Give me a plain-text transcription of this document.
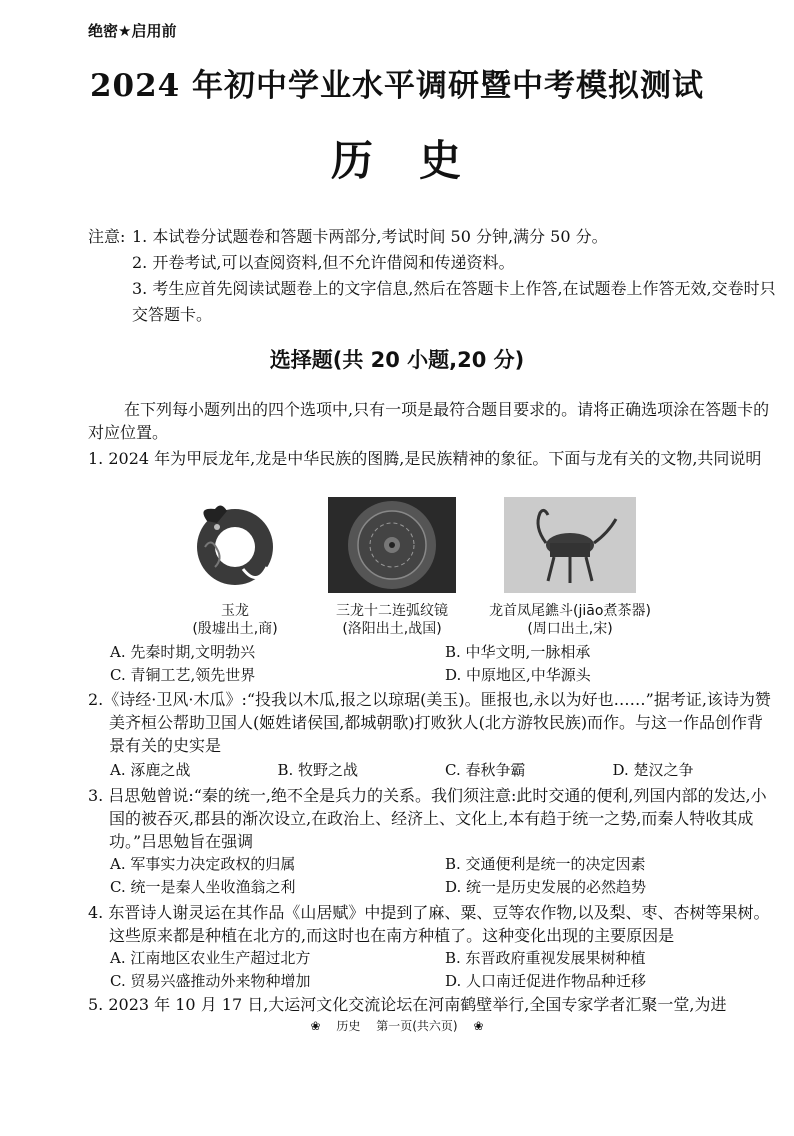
绝密★启用前
2024 年初中学业水平调研暨中考模拟测试
历 史
注意: 1. 本试卷分试题卷和答题卡两部分,考试时间 50 分钟,满分 50 分。
2. 开卷考试,可以查阅资料,但不允许借阅和传递资料。
3. 考生应首先阅读试题卷上的文字信息,然后在答题卡上作答,在试题卷上作答无效,交卷时只交答题卡。
选择题(共 20 小题,20 分)
在下列每小题列出的四个选项中,只有一项是最符合题目要求的。请将正确选项涂在答题卡的对应位置。
1. 2024 年为甲辰龙年,龙是中华民族的图腾,是民族精神的象征。下面与龙有关的文物,共同说明
玉龙
(殷墟出土,商)
三龙十二连弧纹镜
(洛阳出土,战国)
龙首凤尾鐎斗(jiāo煮茶器)
(周口出土,宋)
A. 先秦时期,文明勃兴	B. 中华文明,一脉相承
C. 青铜工艺,领先世界	D. 中原地区,中华源头
2.《诗经·卫风·木瓜》:“投我以木瓜,报之以琼琚(美玉)。匪报也,永以为好也……”据考证,该诗为赞美齐桓公帮助卫国人(姬姓诸侯国,都城朝歌)打败狄人(北方游牧民族)而作。与这一作品创作背景有关的史实是
A. 涿鹿之战	B. 牧野之战	C. 春秋争霸	D. 楚汉之争
3. 吕思勉曾说:“秦的统一,绝不全是兵力的关系。我们须注意:此时交通的便利,列国内部的发达,小国的被吞灭,郡县的渐次设立,在政治上、经济上、文化上,本有趋于统一之势,而秦人特收其成功。”吕思勉旨在强调
A. 军事实力决定政权的归属	B. 交通便利是统一的决定因素
C. 统一是秦人坐收渔翁之利	D. 统一是历史发展的必然趋势
4. 东晋诗人谢灵运在其作品《山居赋》中提到了麻、粟、豆等农作物,以及梨、枣、杏树等果树。这些原来都是种植在北方的,而这时也在南方种植了。这种变化出现的主要原因是
A. 江南地区农业生产超过北方	B. 东晋政府重视发展果树种植
C. 贸易兴盛推动外来物种增加	D. 人口南迁促进作物品种迁移
5. 2023 年 10 月 17 日,大运河文化交流论坛在河南鹤壁举行,全国专家学者汇聚一堂,为进
❀ 历史 第一页(共六页) ❀
